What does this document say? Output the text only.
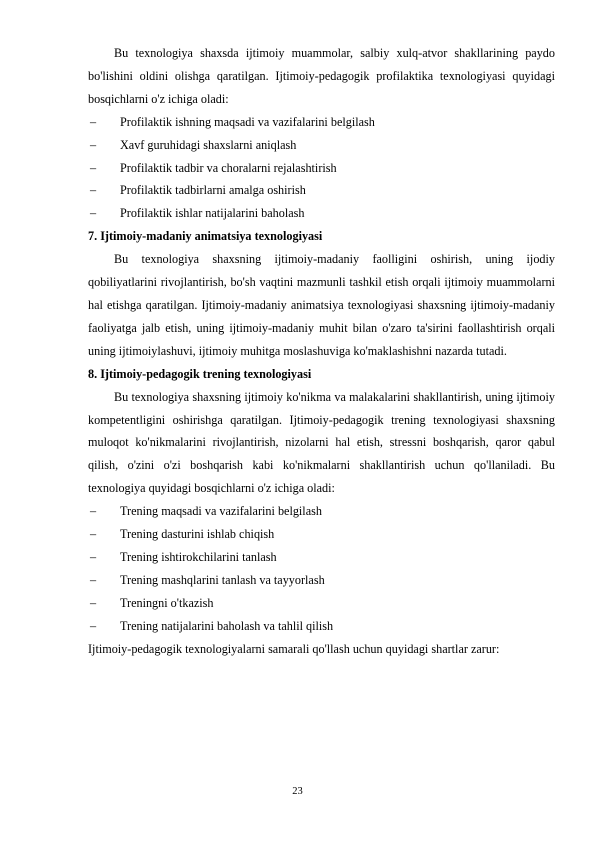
Bu texnologiya shaxsda ijtimoiy muammolar, salbiy xulq-atvor shakllarining paydo bo'lishini oldini olishga qaratilgan. Ijtimoiy-pedagogik profilaktika texnologiyasi quyidagi bosqichlarni o'z ichiga oladi:

– Profilaktik ishning maqsadi va vazifalarini belgilash
– Xavf guruhidagi shaxslarni aniqlash
– Profilaktik tadbir va choralarni rejalashtirish
– Profilaktik tadbirlarni amalga oshirish
– Profilaktik ishlar natijalarini baholash

7. Ijtimoiy-madaniy animatsiya texnologiyasi

Bu texnologiya shaxsning ijtimoiy-madaniy faolligini oshirish, uning ijodiy qobiliyatlarini rivojlantirish, bo'sh vaqtini mazmunli tashkil etish orqali ijtimoiy muammolarni hal etishga qaratilgan. Ijtimoiy-madaniy animatsiya texnologiyasi shaxsning ijtimoiy-madaniy faoliyatga jalb etish, uning ijtimoiy-madaniy muhit bilan o'zaro ta'sirini faollashtirish orqali uning ijtimoiylashuvi, ijtimoiy muhitga moslashuviga ko'maklashishni nazarda tutadi.

8. Ijtimoiy-pedagogik trening texnologiyasi

Bu texnologiya shaxsning ijtimoiy ko'nikma va malakalarini shakllantirish, uning ijtimoiy kompetentligini oshirishga qaratilgan. Ijtimoiy-pedagogik trening texnologiyasi shaxsning muloqot ko'nikmalarini rivojlantirish, nizolarni hal etish, stressni boshqarish, qaror qabul qilish, o'zini o'zi boshqarish kabi ko'nikmalarni shakllantirish uchun qo'llaniladi. Bu texnologiya quyidagi bosqichlarni o'z ichiga oladi:

– Trening maqsadi va vazifalarini belgilash
– Trening dasturini ishlab chiqish
– Trening ishtirokchilarini tanlash
– Trening mashqlarini tanlash va tayyorlash
– Treningni o'tkazish
– Trening natijalarini baholash va tahlil qilish

Ijtimoiy-pedagogik texnologiyalarni samarali qo'llash uchun quyidagi shartlar zarur:

23
